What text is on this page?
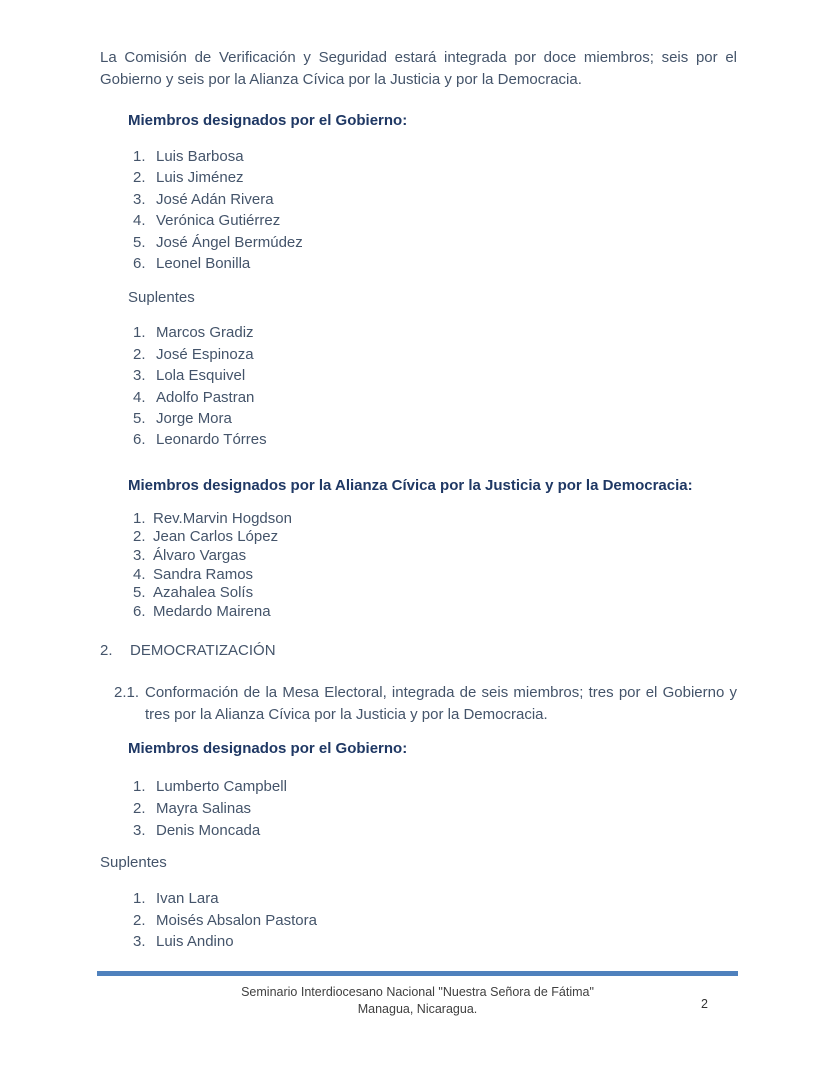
La Comisión de Verificación y Seguridad estará integrada por doce miembros; seis por el Gobierno y seis por la Alianza Cívica por la Justicia y por la Democracia.

Miembros designados por el Gobierno:
1. Luis Barbosa
2. Luis Jiménez
3. José Adán Rivera
4. Verónica Gutiérrez
5. José Ángel Bermúdez
6. Leonel Bonilla
Suplentes
1. Marcos Gradiz
2. José Espinoza
3. Lola Esquivel
4. Adolfo Pastran
5. Jorge Mora
6. Leonardo Tórres
Miembros designados por la Alianza Cívica por la Justicia y por la Democracia:
1. Rev.Marvin Hogdson
2. Jean Carlos López
3. Álvaro Vargas
4. Sandra Ramos
5. Azahalea Solís
6. Medardo Mairena
2.	DEMOCRATIZACIÓN
2.1. Conformación de la Mesa Electoral, integrada de seis miembros; tres por el Gobierno y tres por la Alianza Cívica por la Justicia y por la Democracia.

Miembros designados por el Gobierno:
1. Lumberto Campbell
2. Mayra Salinas
3. Denis Moncada
Suplentes
1. Ivan Lara
2. Moisés Absalon Pastora
3. Luis Andino
Seminario Interdiocesano Nacional "Nuestra Señora de Fátima"
Managua, Nicaragua.	2
